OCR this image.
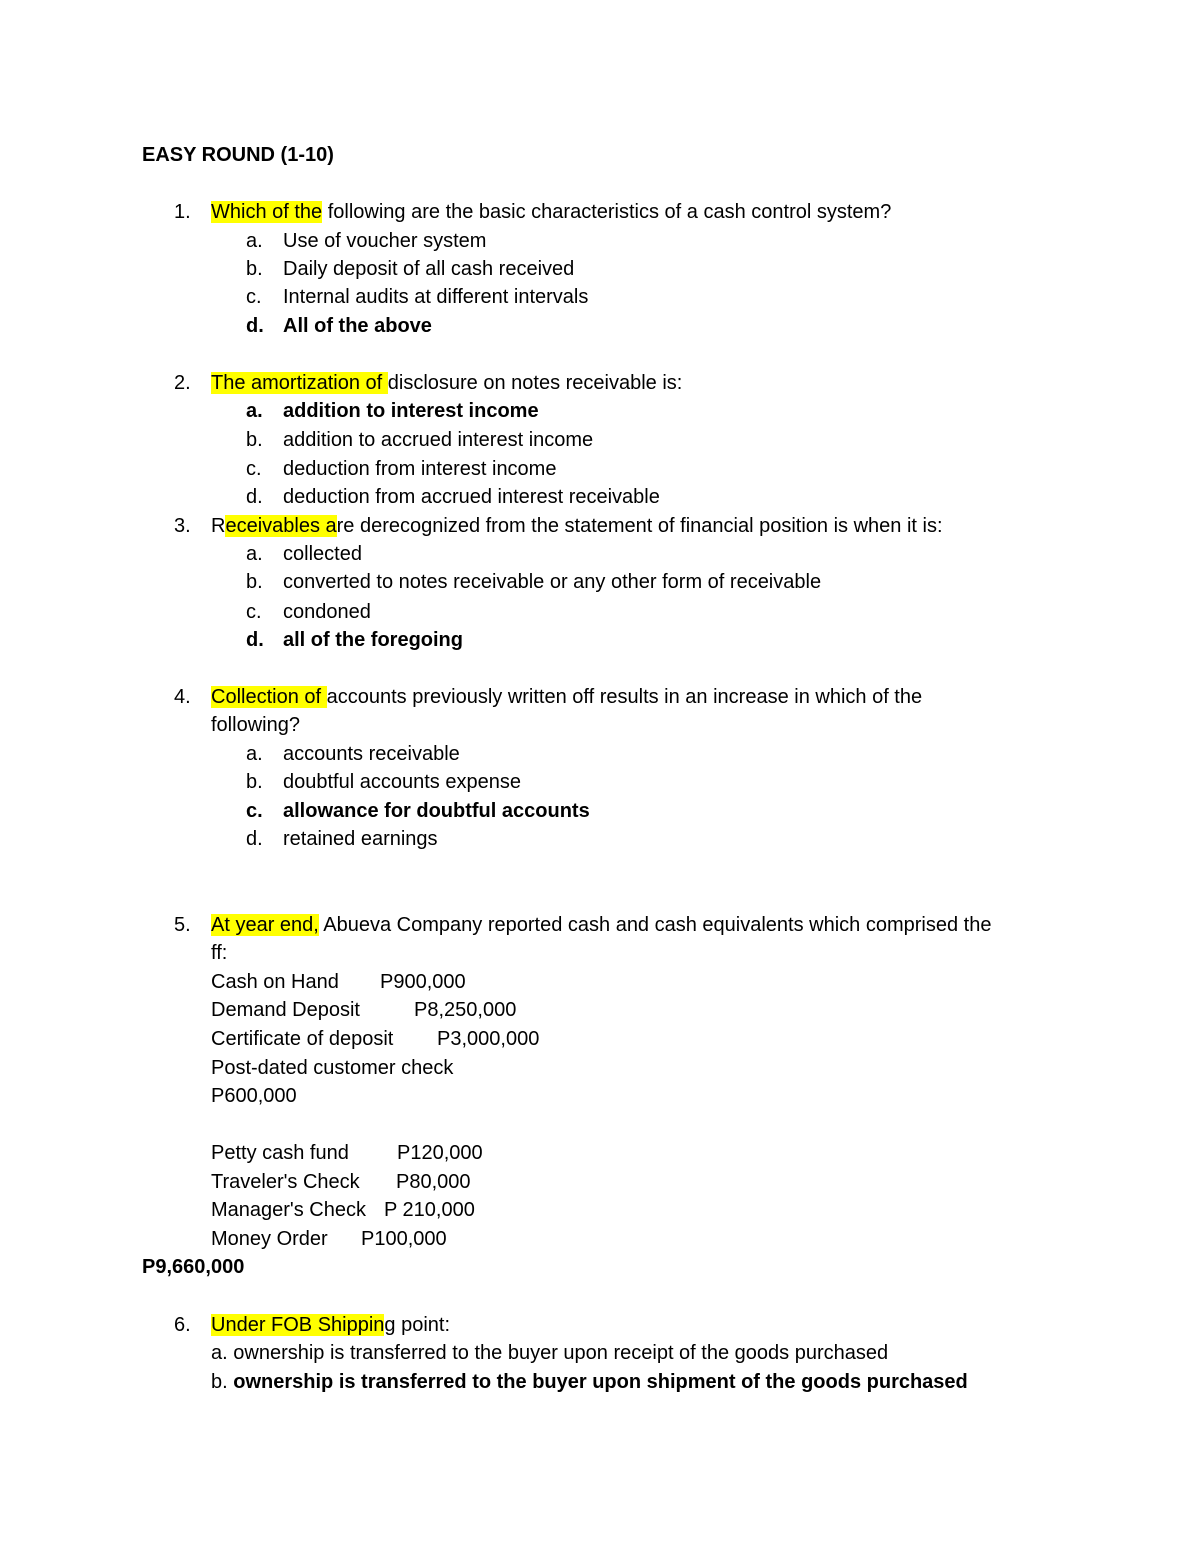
EASY ROUND (1-10)
1. Which of the following are the basic characteristics of a cash control system?
a. Use of voucher system
b. Daily deposit of all cash received
c. Internal audits at different intervals
d. All of the above
2. The amortization of disclosure on notes receivable is:
a. addition to interest income
b. addition to accrued interest income
c. deduction from interest income
d. deduction from accrued interest receivable
3. Receivables are derecognized from the statement of financial position is when it is:
a. collected
b. converted to notes receivable or any other form of receivable
c. condoned
d. all of the foregoing
4. Collection of accounts previously written off results in an increase in which of the
following?
a. accounts receivable
b. doubtful accounts expense
c. allowance for doubtful accounts
d. retained earnings
5. At year end, Abueva Company reported cash and cash equivalents which comprised the
ff:
Cash on Hand P900,000
Demand Deposit	P8,250,000
Certificate of deposit P3,000,000
Post-dated customer check
P600,000
Petty cash fund P120,000
Traveler's Check P80,000
Manager's Check P 210,000
Money Order P100,000
P9,660,000
6. Under FOB Shipping point:
a. ownership is transferred to the buyer upon receipt of the goods purchased
b. ownership is transferred to the buyer upon shipment of the goods purchased
